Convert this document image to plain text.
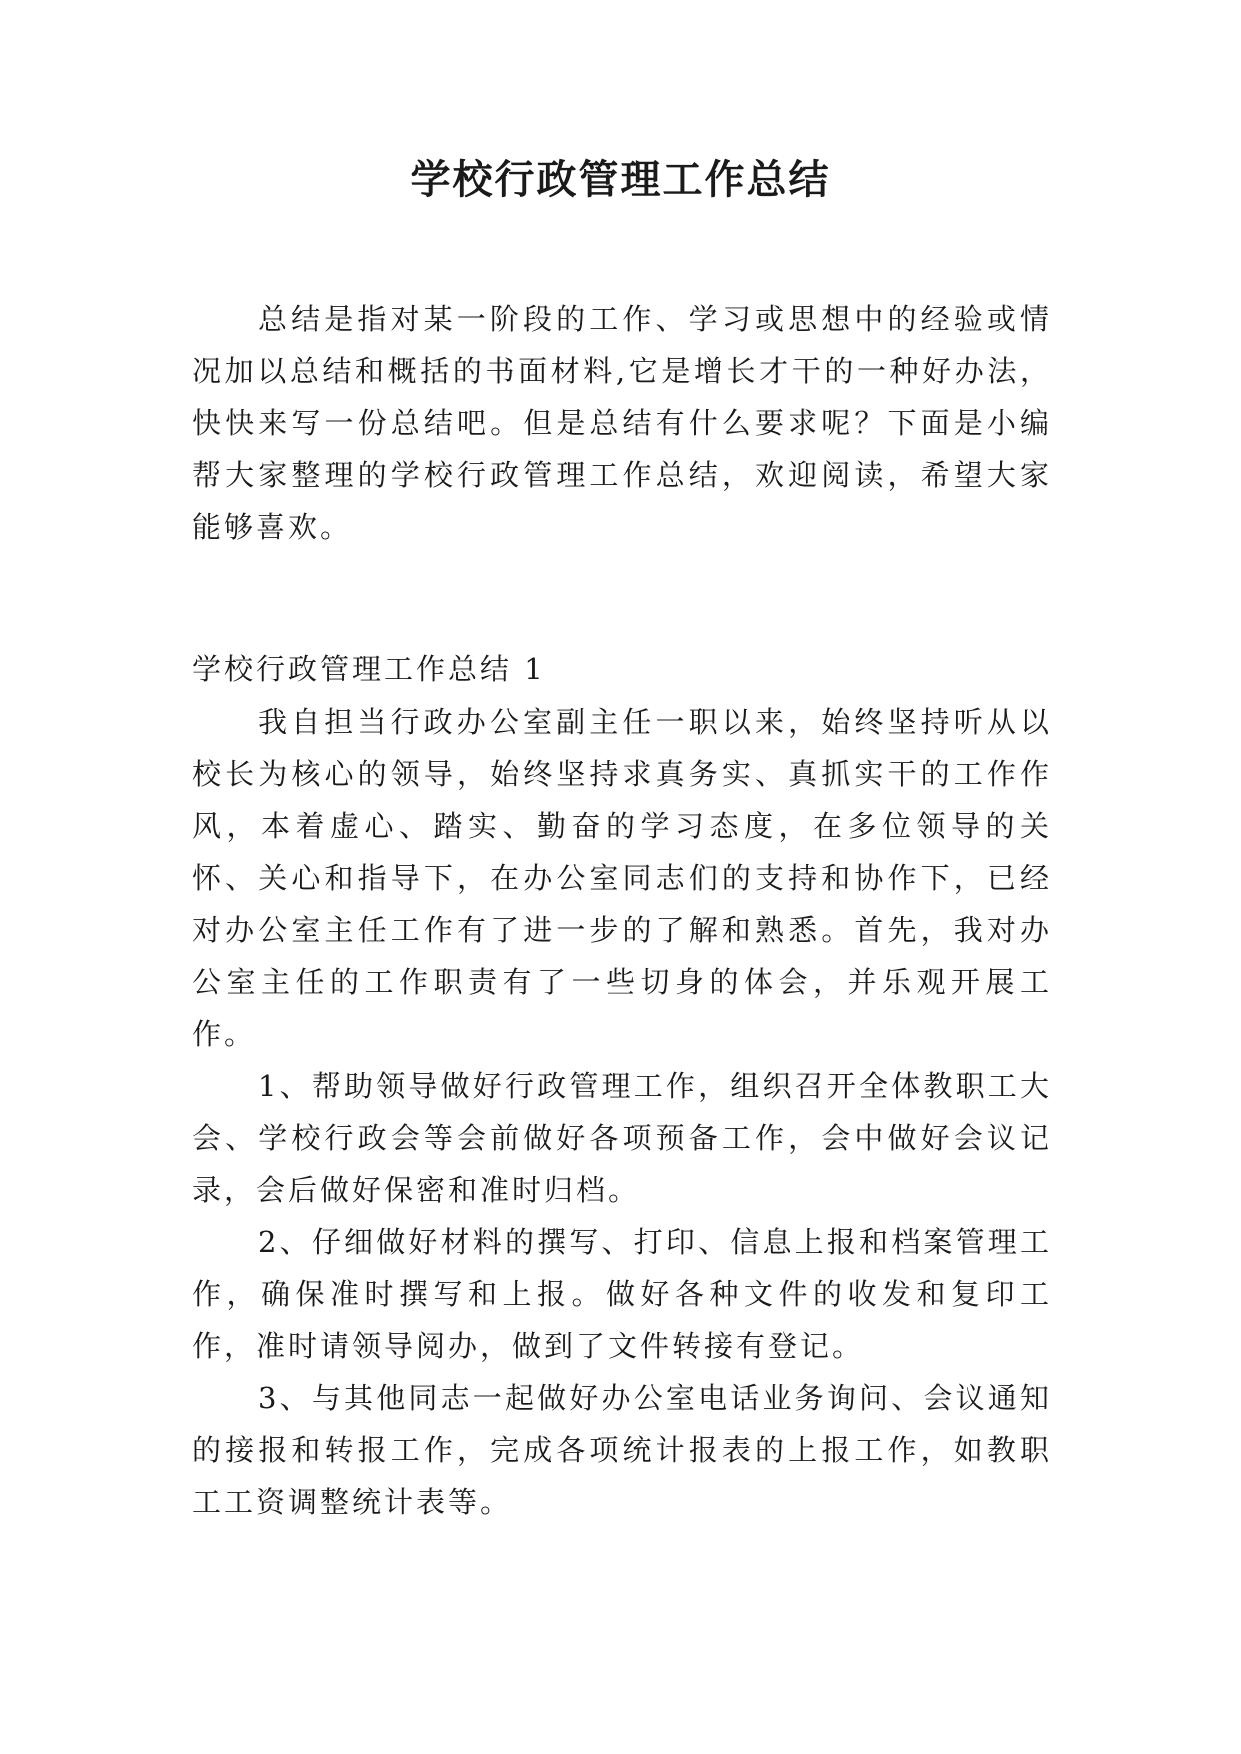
学校行政管理工作总结

总结是指对某一阶段的工作、学习或思想中的经验或情况加以总结和概括的书面材料,它是增长才干的一种好办法，快快来写一份总结吧。但是总结有什么要求呢？下面是小编帮大家整理的学校行政管理工作总结，欢迎阅读，希望大家能够喜欢。

学校行政管理工作总结 1

我自担当行政办公室副主任一职以来，始终坚持听从以校长为核心的领导，始终坚持求真务实、真抓实干的工作作风，本着虚心、踏实、勤奋的学习态度，在多位领导的关怀、关心和指导下，在办公室同志们的支持和协作下，已经对办公室主任工作有了进一步的了解和熟悉。首先，我对办公室主任的工作职责有了一些切身的体会，并乐观开展工作。

1、帮助领导做好行政管理工作，组织召开全体教职工大会、学校行政会等会前做好各项预备工作，会中做好会议记录，会后做好保密和准时归档。

2、仔细做好材料的撰写、打印、信息上报和档案管理工作，确保准时撰写和上报。做好各种文件的收发和复印工作，准时请领导阅办，做到了文件转接有登记。

3、与其他同志一起做好办公室电话业务询问、会议通知的接报和转报工作，完成各项统计报表的上报工作，如教职工工资调整统计表等。
